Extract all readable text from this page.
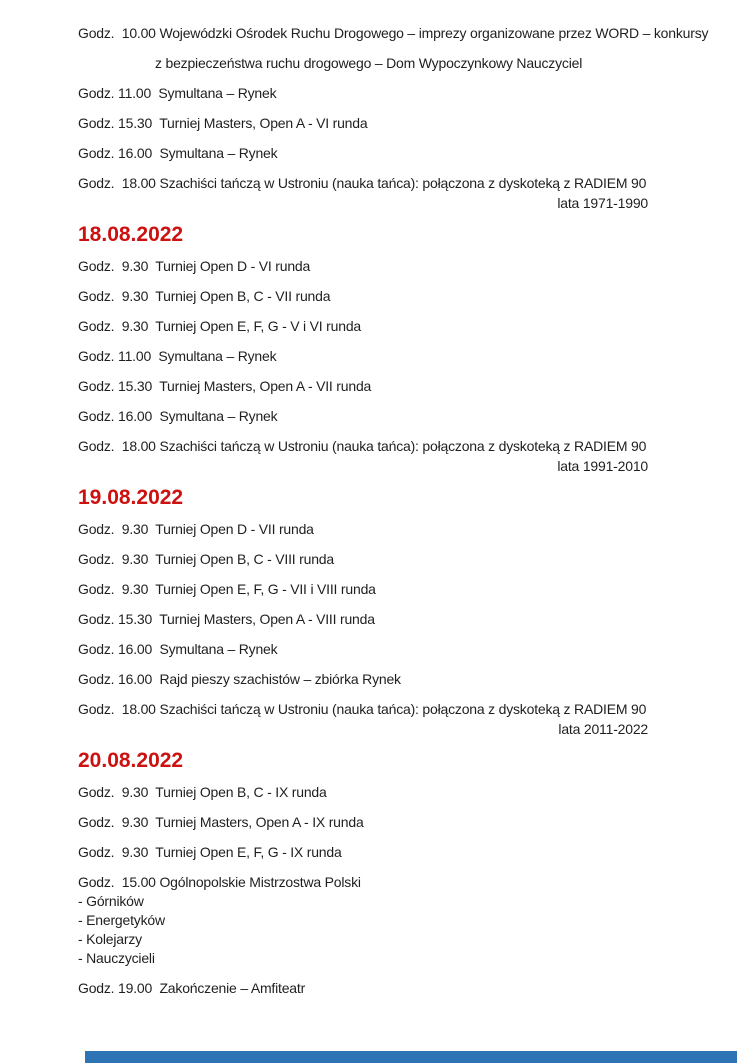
Godz.  10.00 Wojewódzki Ośrodek Ruchu Drogowego – imprezy organizowane przez WORD – konkursy
z bezpieczeństwa ruchu drogowego – Dom Wypoczynkowy Nauczyciel
Godz. 11.00  Symultana – Rynek
Godz. 15.30  Turniej Masters, Open A - VI runda
Godz. 16.00  Symultana – Rynek
Godz.  18.00 Szachiści tańczą w Ustroniu (nauka tańca): połączona z dyskoteką z RADIEM 90
lata 1971-1990
18.08.2022
Godz.  9.30  Turniej Open D - VI runda
Godz.  9.30  Turniej Open B, C - VII runda
Godz.  9.30  Turniej Open E, F, G - V i VI runda
Godz. 11.00  Symultana – Rynek
Godz. 15.30  Turniej Masters, Open A - VII runda
Godz. 16.00  Symultana – Rynek
Godz.  18.00 Szachiści tańczą w Ustroniu (nauka tańca): połączona z dyskoteką z RADIEM 90
lata 1991-2010
19.08.2022
Godz.  9.30  Turniej Open D - VII runda
Godz.  9.30  Turniej Open B, C - VIII runda
Godz.  9.30  Turniej Open E, F, G - VII i VIII runda
Godz. 15.30  Turniej Masters, Open A - VIII runda
Godz. 16.00  Symultana – Rynek
Godz. 16.00  Rajd pieszy szachistów – zbiórka Rynek
Godz.  18.00 Szachiści tańczą w Ustroniu (nauka tańca): połączona z dyskoteką z RADIEM 90
lata 2011-2022
20.08.2022
Godz.  9.30  Turniej Open B, C - IX runda
Godz.  9.30  Turniej Masters, Open A - IX runda
Godz.  9.30  Turniej Open E, F, G - IX runda
Godz.  15.00 Ogólnopolskie Mistrzostwa Polski
- Górników
- Energetyków
- Kolejarzy
- Nauczycieli
Godz. 19.00  Zakończenie – Amfiteatr
